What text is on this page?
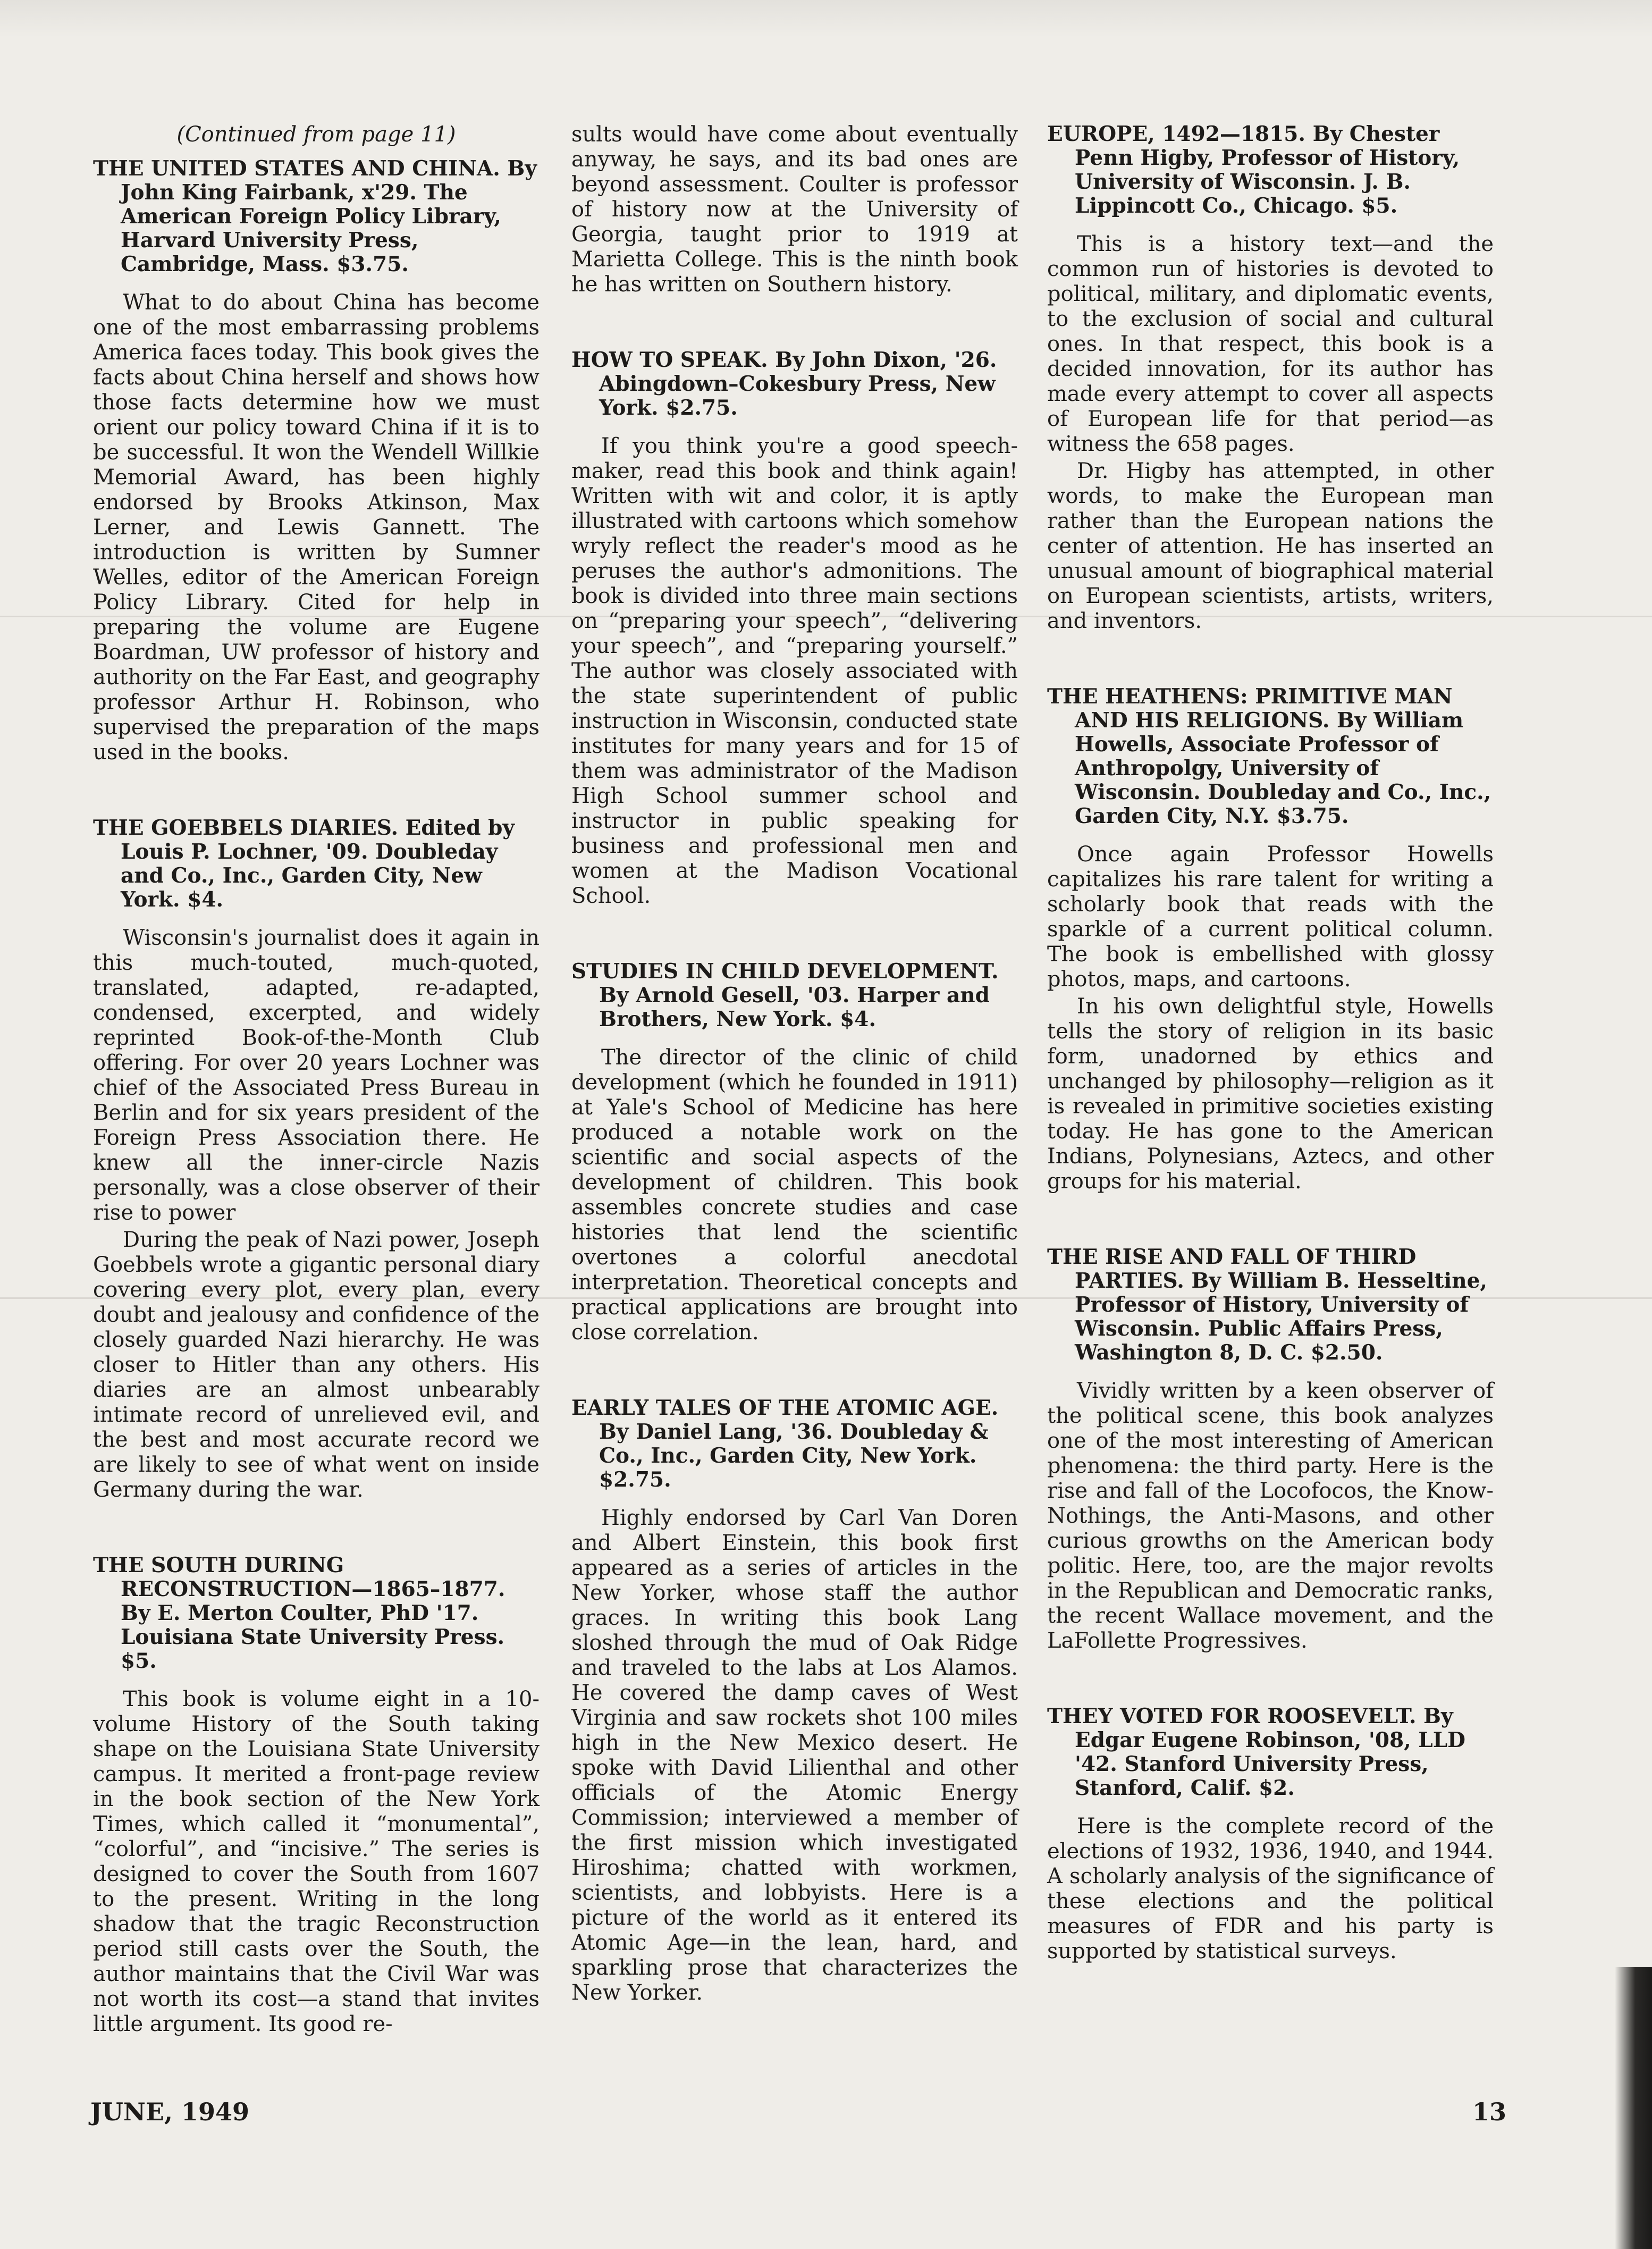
(Continued from page 11)

THE UNITED STATES AND CHINA. By John King Fairbank, x'29. The American Foreign Policy Library, Harvard University Press, Cambridge, Mass. $3.75.

What to do about China has become one of the most embarrassing problems America faces today. This book gives the facts about China herself and shows how those facts determine how we must orient our policy toward China if it is to be successful. It won the Wendell Willkie Memorial Award, has been highly endorsed by Brooks Atkinson, Max Lerner, and Lewis Gannett. The introduction is written by Sumner Welles, editor of the American Foreign Policy Library. Cited for help in preparing the volume are Eugene Boardman, UW professor of history and authority on the Far East, and geography professor Arthur H. Robinson, who supervised the preparation of the maps used in the books.

THE GOEBBELS DIARIES. Edited by Louis P. Lochner, '09. Doubleday and Co., Inc., Garden City, New York. $4.

Wisconsin's journalist does it again in this much-touted, much-quoted, translated, adapted, re-adapted, condensed, excerpted, and widely reprinted Book-of-the-Month Club offering. For over 20 years Lochner was chief of the Associated Press Bureau in Berlin and for six years president of the Foreign Press Association there. He knew all the inner-circle Nazis personally, was a close observer of their rise to power

During the peak of Nazi power, Joseph Goebbels wrote a gigantic personal diary covering every plot, every plan, every doubt and jealousy and confidence of the closely guarded Nazi hierarchy. He was closer to Hitler than any others. His diaries are an almost unbearably intimate record of unrelieved evil, and the best and most accurate record we are likely to see of what went on inside Germany during the war.

THE SOUTH DURING RECONSTRUCTION—1865–1877. By E. Merton Coulter, PhD '17. Louisiana State University Press. $5.

This book is volume eight in a 10-volume History of the South taking shape on the Louisiana State University campus. It merited a front-page review in the book section of the New York Times, which called it “monumental”, “colorful”, and “incisive.” The series is designed to cover the South from 1607 to the present. Writing in the long shadow that the tragic Reconstruction period still casts over the South, the author maintains that the Civil War was not worth its cost—a stand that invites little argument. Its good re-

sults would have come about eventually anyway, he says, and its bad ones are beyond assessment. Coulter is professor of history now at the University of Georgia, taught prior to 1919 at Marietta College. This is the ninth book he has written on Southern history.

HOW TO SPEAK. By John Dixon, '26. Abingdown–Cokesbury Press, New York. $2.75.

If you think you're a good speech-maker, read this book and think again! Written with wit and color, it is aptly illustrated with cartoons which somehow wryly reflect the reader's mood as he peruses the author's admonitions. The book is divided into three main sections on “preparing your speech”, “delivering your speech”, and “preparing yourself.” The author was closely associated with the state superintendent of public instruction in Wisconsin, conducted state institutes for many years and for 15 of them was administrator of the Madison High School summer school and instructor in public speaking for business and professional men and women at the Madison Vocational School.

STUDIES IN CHILD DEVELOPMENT. By Arnold Gesell, '03. Harper and Brothers, New York. $4.

The director of the clinic of child development (which he founded in 1911) at Yale's School of Medicine has here produced a notable work on the scientific and social aspects of the development of children. This book assembles concrete studies and case histories that lend the scientific overtones a colorful anecdotal interpretation. Theoretical concepts and practical applications are brought into close correlation.

EARLY TALES OF THE ATOMIC AGE. By Daniel Lang, '36. Doubleday & Co., Inc., Garden City, New York. $2.75.

Highly endorsed by Carl Van Doren and Albert Einstein, this book first appeared as a series of articles in the New Yorker, whose staff the author graces. In writing this book Lang sloshed through the mud of Oak Ridge and traveled to the labs at Los Alamos. He covered the damp caves of West Virginia and saw rockets shot 100 miles high in the New Mexico desert. He spoke with David Lilienthal and other officials of the Atomic Energy Commission; interviewed a member of the first mission which investigated Hiroshima; chatted with workmen, scientists, and lobbyists. Here is a picture of the world as it entered its Atomic Age—in the lean, hard, and sparkling prose that characterizes the New Yorker.

EUROPE, 1492—1815. By Chester Penn Higby, Professor of History, University of Wisconsin. J. B. Lippincott Co., Chicago. $5.

This is a history text—and the common run of histories is devoted to political, military, and diplomatic events, to the exclusion of social and cultural ones. In that respect, this book is a decided innovation, for its author has made every attempt to cover all aspects of European life for that period—as witness the 658 pages.

Dr. Higby has attempted, in other words, to make the European man rather than the European nations the center of attention. He has inserted an unusual amount of biographical material on European scientists, artists, writers, and inventors.

THE HEATHENS: PRIMITIVE MAN AND HIS RELIGIONS. By William Howells, Associate Professor of Anthropolgy, University of Wisconsin. Doubleday and Co., Inc., Garden City, N.Y. $3.75.

Once again Professor Howells capitalizes his rare talent for writing a scholarly book that reads with the sparkle of a current political column. The book is embellished with glossy photos, maps, and cartoons.

In his own delightful style, Howells tells the story of religion in its basic form, unadorned by ethics and unchanged by philosophy—religion as it is revealed in primitive societies existing today. He has gone to the American Indians, Polynesians, Aztecs, and other groups for his material.

THE RISE AND FALL OF THIRD PARTIES. By William B. Hesseltine, Professor of History, University of Wisconsin. Public Affairs Press, Washington 8, D. C. $2.50.

Vividly written by a keen observer of the political scene, this book analyzes one of the most interesting of American phenomena: the third party. Here is the rise and fall of the Locofocos, the Know-Nothings, the Anti-Masons, and other curious growths on the American body politic. Here, too, are the major revolts in the Republican and Democratic ranks, the recent Wallace movement, and the LaFollette Progressives.

THEY VOTED FOR ROOSEVELT. By Edgar Eugene Robinson, '08, LLD '42. Stanford University Press, Stanford, Calif. $2.

Here is the complete record of the elections of 1932, 1936, 1940, and 1944. A scholarly analysis of the significance of these elections and the political measures of FDR and his party is supported by statistical surveys.

JUNE, 1949	13
